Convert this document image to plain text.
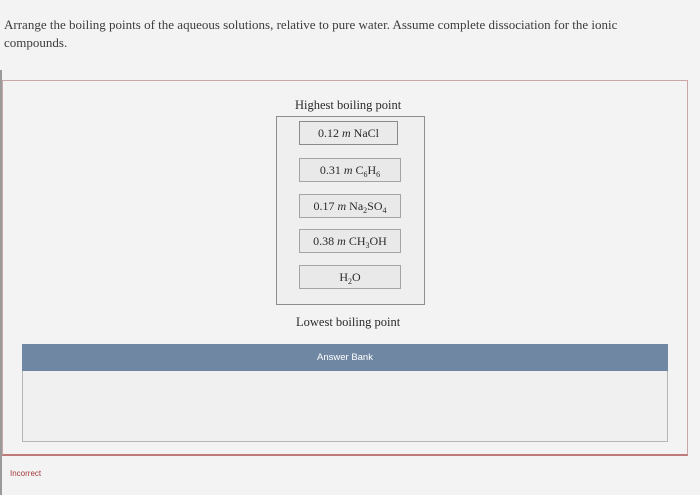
Arrange the boiling points of the aqueous solutions, relative to pure water. Assume complete dissociation for the ionic compounds.
Highest boiling point
0.12 m NaCl
0.31 m $C_6H_6$
0.17 m $Na_2SO_4$
0.38 m $CH_3OH$
$H_2O$
Lowest boiling point
Answer Bank
Incorrect
